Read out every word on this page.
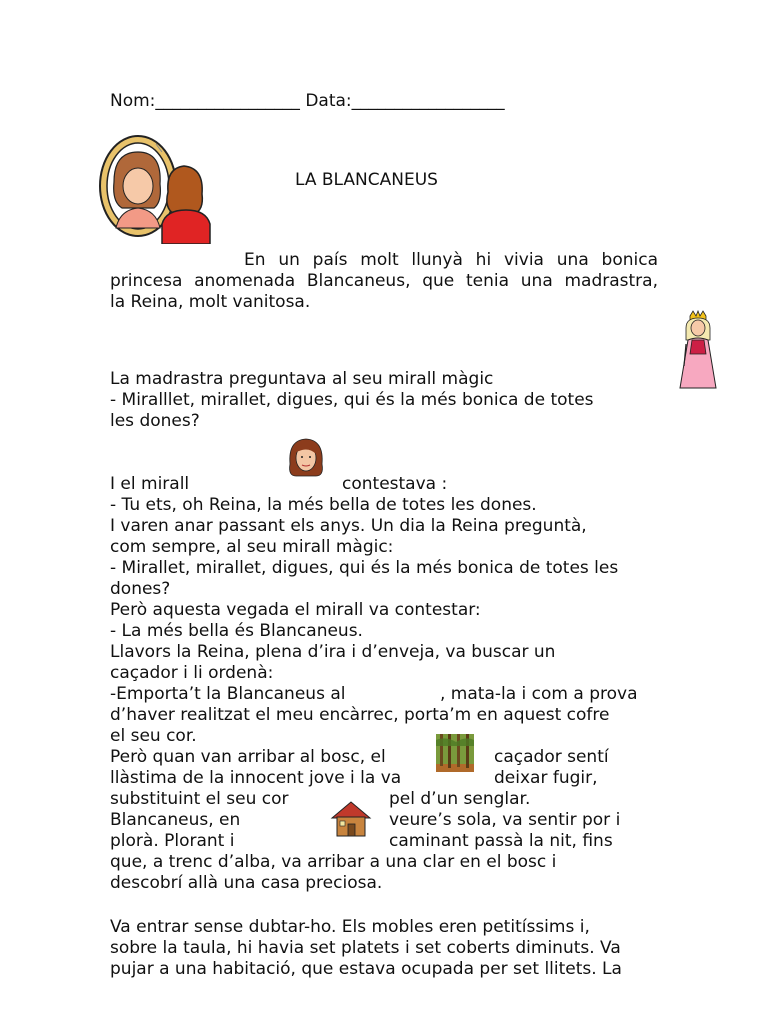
Nom:_________________ Data:__________________
LA BLANCANEUS
En un país molt llunyà hi vivia una bonica
princesa anomenada Blancaneus, que tenia una madrastra,
la Reina, molt vanitosa.
La madrastra preguntava al seu mirall màgic
- Miralllet, mirallet, digues, qui és la més bonica de totes
les dones?
I el mirall	contestava :
- Tu ets, oh Reina, la més bella de totes les dones.
I varen anar passant els anys. Un dia la Reina preguntà,
com sempre, al seu mirall màgic:
- Mirallet, mirallet, digues, qui és la més bonica de totes les
dones?
Però aquesta vegada el mirall va contestar:
- La més bella és Blancaneus.
Llavors la Reina, plena d’ira i d’enveja, va buscar un
caçador i li ordenà:
-Emporta’t la Blancaneus al	, mata-la i com a prova
d’haver realitzat el meu encàrrec, porta’m en aquest cofre
el seu cor.
Però quan van arribar al bosc, el	caçador sentí
llàstima de la innocent jove i la va	deixar fugir,
substituint el seu cor	pel d’un senglar.
Blancaneus, en	veure’s sola, va sentir por i
plorà. Plorant i	caminant passà la nit, fins
que, a trenc d’alba, va arribar a una clar en el bosc i
descobrí allà una casa preciosa.
Va entrar sense dubtar-ho. Els mobles eren petitíssims i,
sobre la taula, hi havia set platets i set coberts diminuts. Va
pujar a una habitació, que estava ocupada per set llitets. La
